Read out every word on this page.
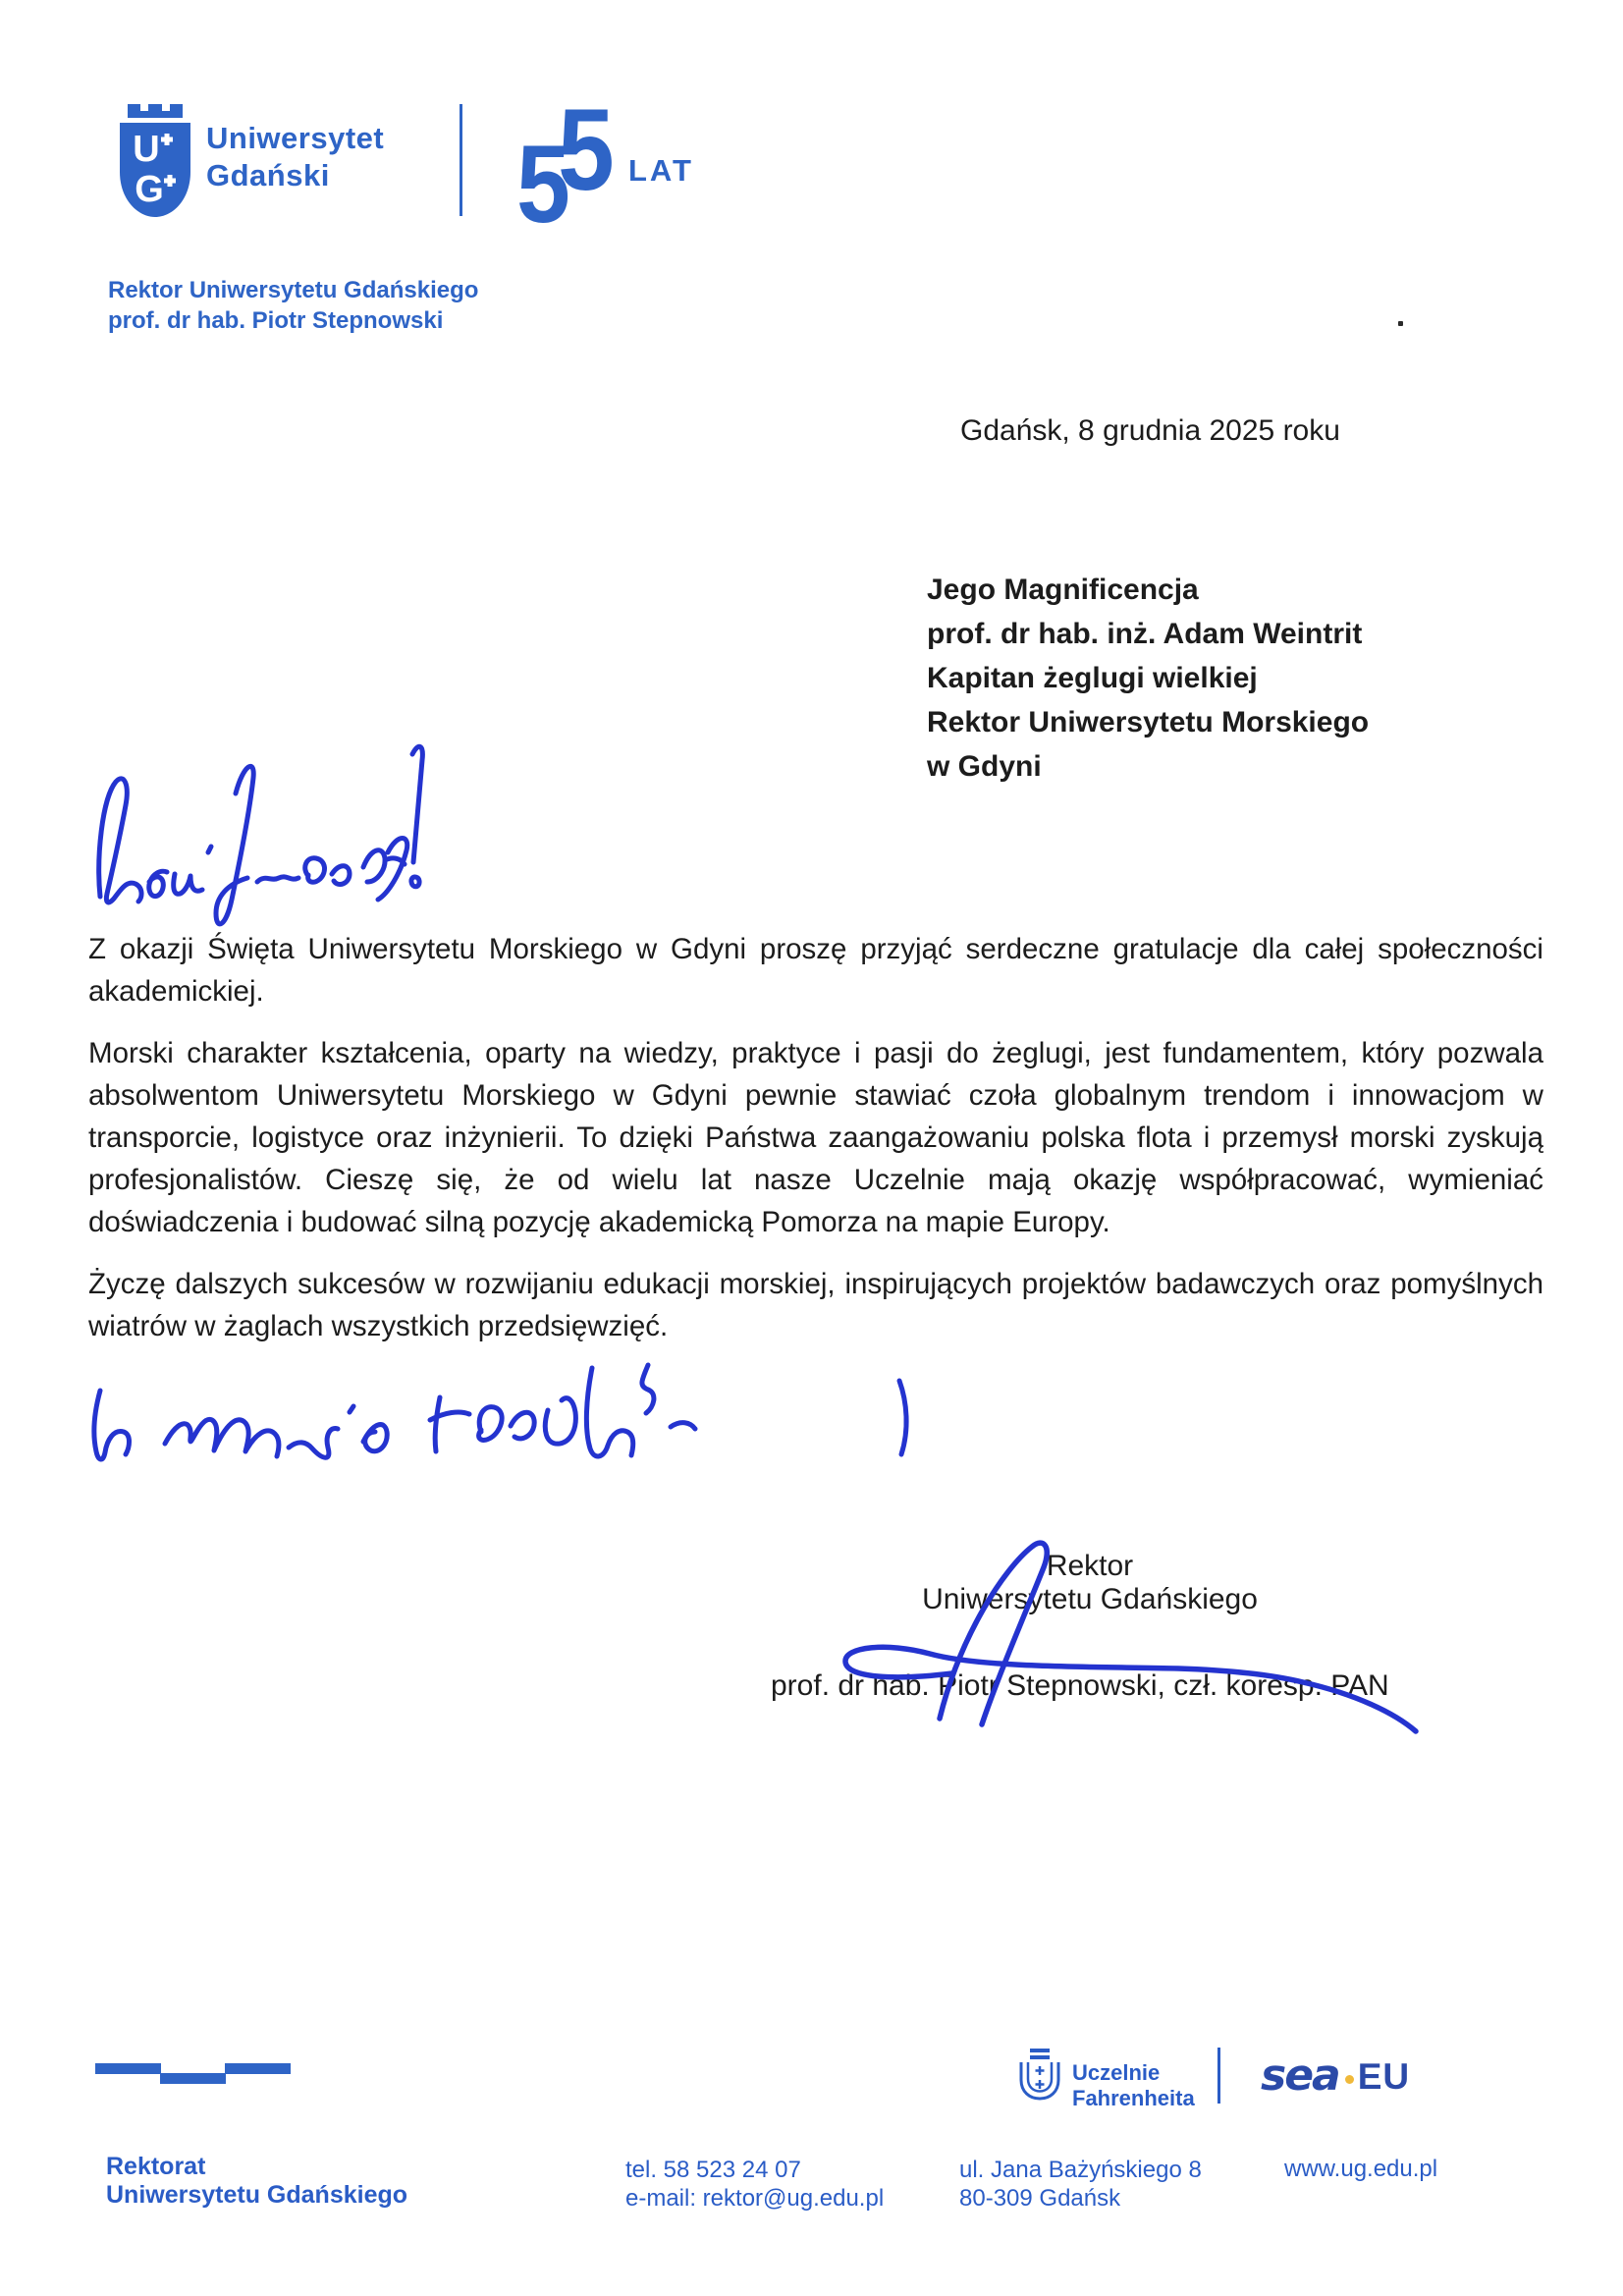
U
G
Uniwersytet
Gdański	5
5 LAT
Rektor Uniwersytetu Gdańskiego
prof. dr hab. Piotr Stepnowski
Gdańsk, 8 grudnia 2025 roku
Jego Magnificencja
prof. dr hab. inż. Adam Weintrit
Kapitan żeglugi wielkiej
Rektor Uniwersytetu Morskiego
w Gdyni

Z okazji Święta Uniwersytetu Morskiego w Gdyni proszę przyjąć serdeczne gratulacje dla całej społeczności akademickiej.

Morski charakter kształcenia, oparty na wiedzy, praktyce i pasji do żeglugi, jest fundamentem, który pozwala absolwentom Uniwersytetu Morskiego w Gdyni pewnie stawiać czoła globalnym trendom i innowacjom w transporcie, logistyce oraz inżynierii. To dzięki Państwa zaangażowaniu polska flota i przemysł morski zyskują profesjonalistów. Cieszę się, że od wielu lat nasze Uczelnie mają okazję współpracować, wymieniać doświadczenia i budować silną pozycję akademicką Pomorza na mapie Europy.

Życzę dalszych sukcesów w rozwijaniu edukacji morskiej, inspirujących projektów badawczych oraz pomyślnych wiatrów w żaglach wszystkich przedsięwzięć.

Rektor
Uniwersytetu Gdańskiego
prof. dr hab. Piotr Stepnowski, czł. koresp. PAN
Uczelnie
Fahrenheita sea EU
Rektorat
Uniwersytetu Gdańskiego
tel. 58 523 24 07
e-mail: rektor@ug.edu.pl
ul. Jana Bażyńskiego 8
80-309 Gdańsk
www.ug.edu.pl
